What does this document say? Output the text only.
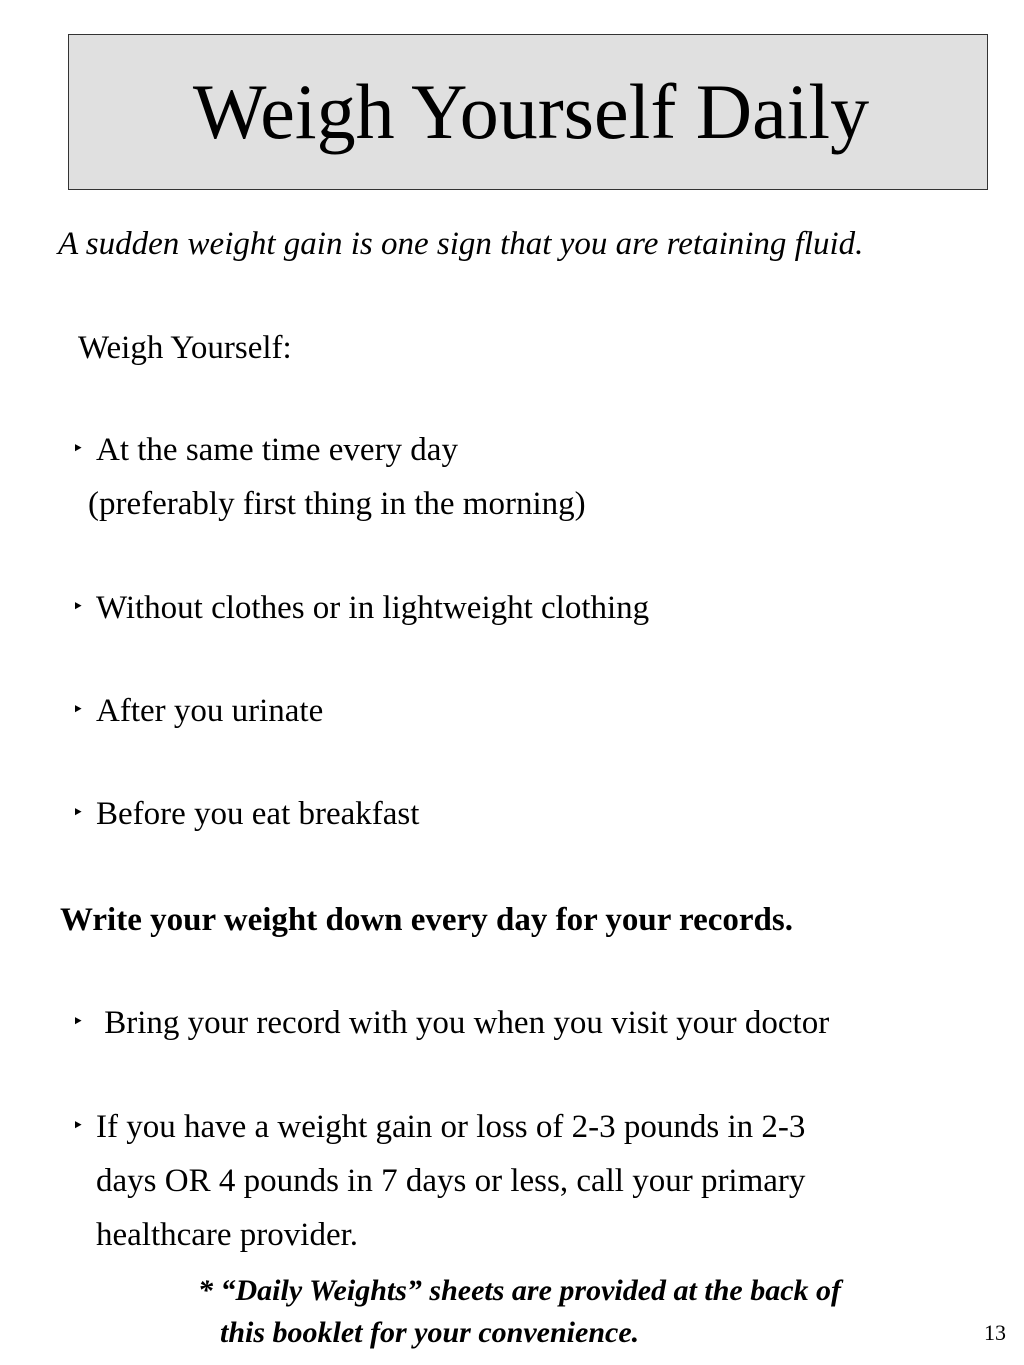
Weigh Yourself Daily
A sudden weight gain is one sign that you are retaining fluid.
Weigh Yourself:
‣ At the same time every day
(preferably first thing in the morning)
‣ Without clothes or in lightweight clothing
‣ After you urinate
‣ Before you eat breakfast
Write your weight down every day for your records.
‣ Bring your record with you when you visit your doctor
‣ If you have a weight gain or loss of 2-3 pounds in 2-3
days OR 4 pounds in 7 days or less, call your primary
healthcare provider.
* “Daily Weights” sheets are provided at the back of
this booklet for your convenience.	13
